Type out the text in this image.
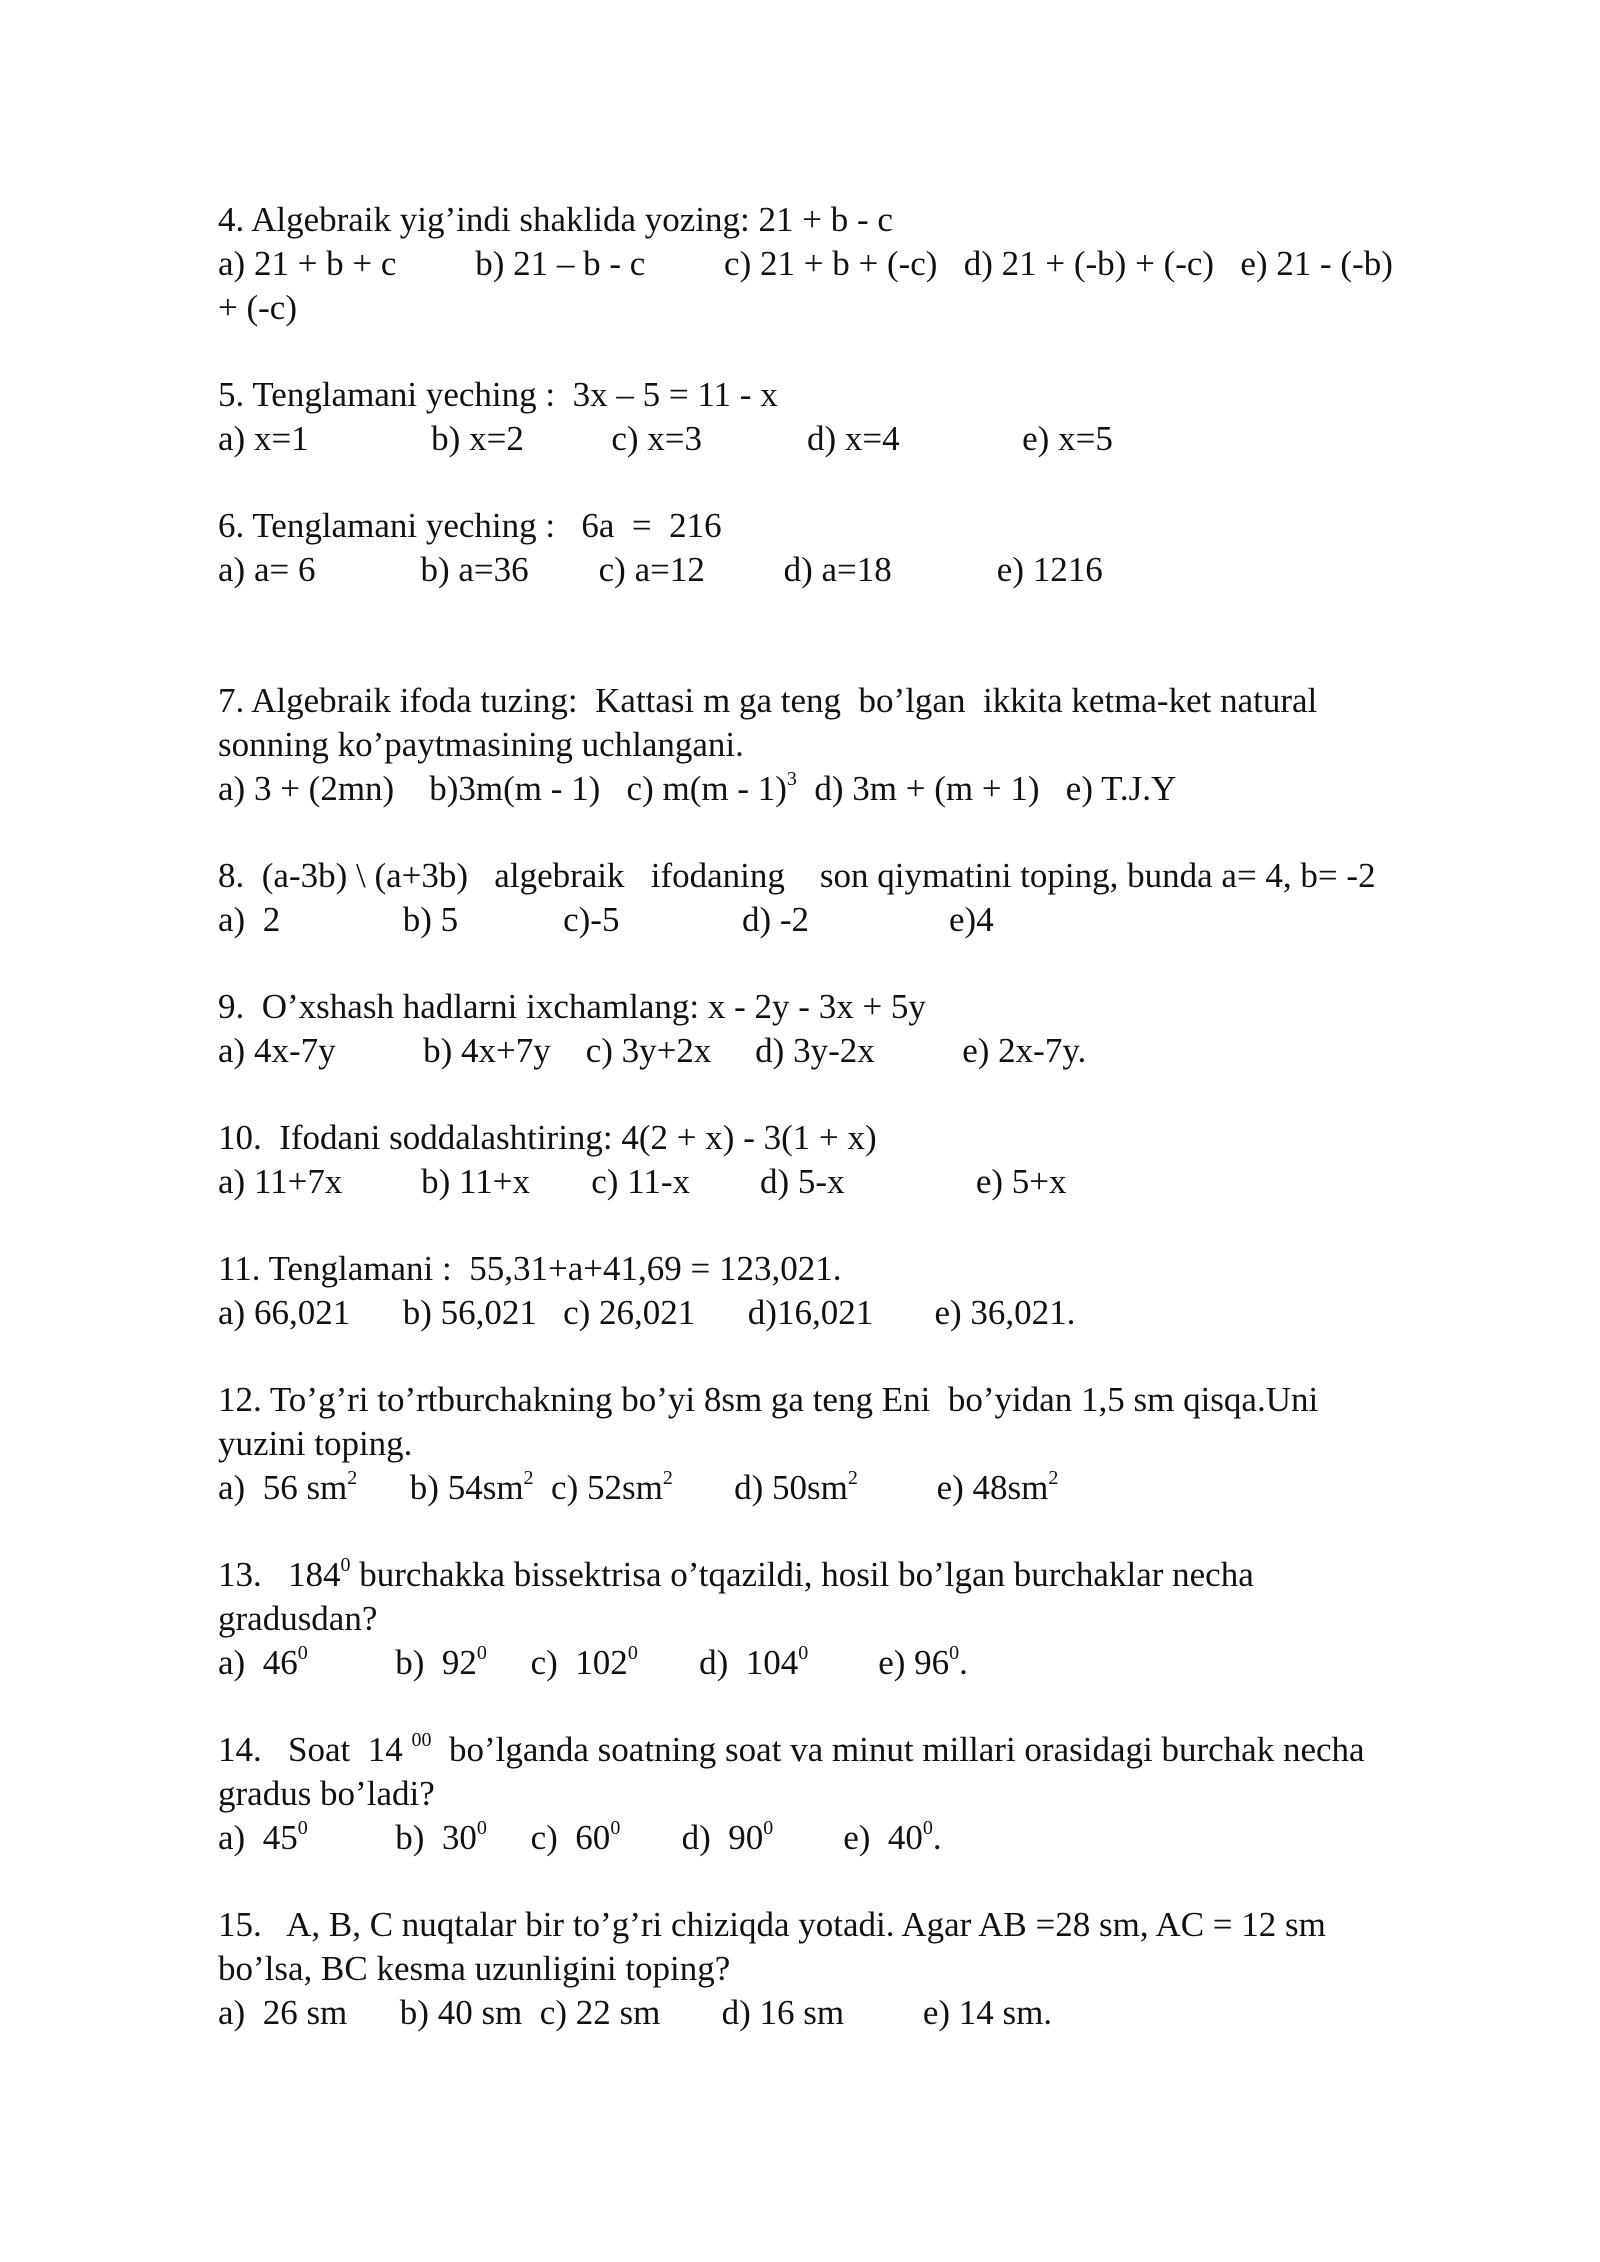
4. Algebraik yig’indi shaklida yozing: 21 + b - c
a) 21 + b + c         b) 21 – b - c         c) 21 + b + (-c)   d) 21 + (-b) + (-c)   e) 21 - (-b)
+ (-c)
5. Tenglamani yeching :  3x – 5 = 11 - x
a) x=1              b) x=2          c) x=3            d) x=4              e) x=5
6. Tenglamani yeching :   6a  =  216
a) a= 6            b) a=36        c) a=12         d) a=18            e) 1216
7. Algebraik ifoda tuzing:  Kattasi m ga teng  bo’lgan  ikkita ketma-ket natural
sonning ko’paytmasining uchlangani.
a) 3 + (2mn)    b)3m(m - 1)   c) m(m - 1)$^3$  d) 3m + (m + 1)   e) T.J.Y
8.  (a-3b) \ (a+3b)   algebraik   ifodaning    son qiymatini toping, bunda a= 4, b= -2
a)  2              b) 5            c)-5              d) -2                e)4
9.  O’xshash hadlarni ixchamlang: x - 2y - 3x + 5y
a) 4x-7y          b) 4x+7y    c) 3y+2x     d) 3y-2x          e) 2x-7y.
10.  Ifodani soddalashtiring: 4(2 + x) - 3(1 + x)
a) 11+7x         b) 11+x       c) 11-x        d) 5-x               e) 5+x
11. Tenglamani :  55,31+a+41,69 = 123,021.
a) 66,021      b) 56,021   c) 26,021      d)16,021       e) 36,021.
12. To’g’ri to’rtburchakning bo’yi 8sm ga teng Eni  bo’yidan 1,5 sm qisqa.Uni
yuzini toping.
a)  56 $sm^2$ b) $54sm^2$ c) $52sm^2$ d) $50sm^2$ e) $48sm^2$
13.   $184^0$ burchakka bissektrisa o’tqazildi, hosil bo’lgan burchaklar necha
gradusdan?
a)  $46^0$	b)  $92^0$ c)  $102^0$ d)  $104^0$ e) $96^0$.
14.   Soat  14 $^{00}$  bo’lganda soatning soat va minut millari orasidagi burchak necha
gradus bo’ladi?
a)  $45^0$	b)  $30^0$ c)  $60^0$ d)  $90^0$ e)  $40^0$.
15.   A, B, C nuqtalar bir to’g’ri chiziqda yotadi. Agar AB =28 sm, AC = 12 sm
bo’lsa, BC kesma uzunligini toping?
a)  26 sm      b) 40 sm  c) 22 sm       d) 16 sm         e) 14 sm.
